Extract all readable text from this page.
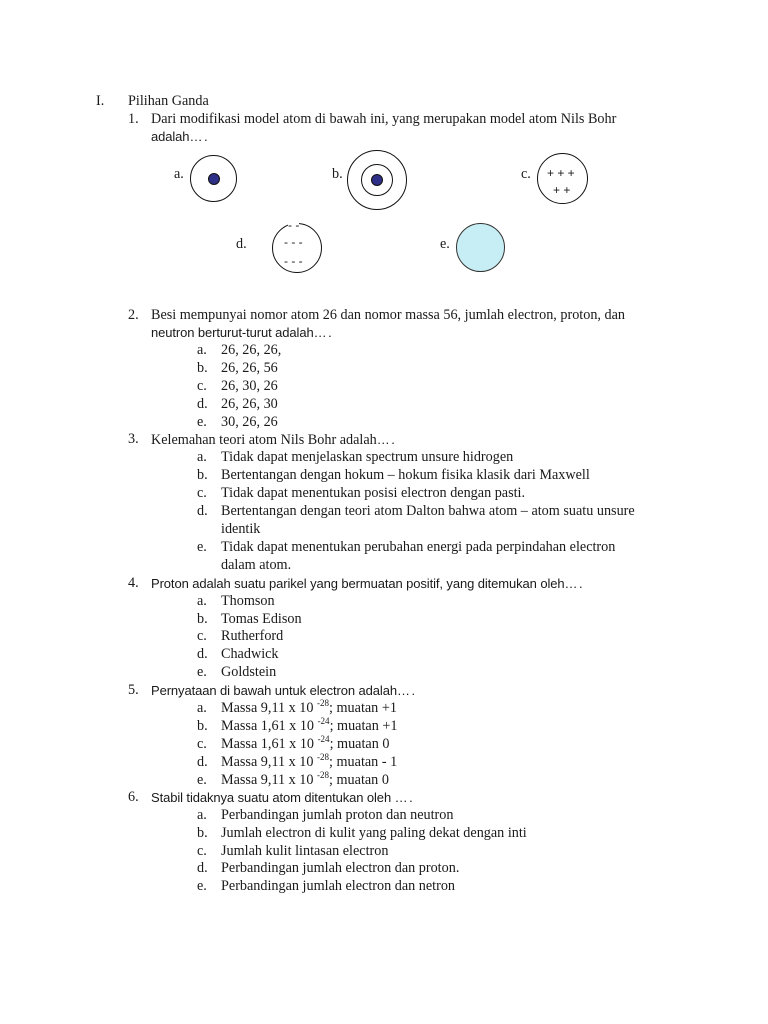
I. Pilihan Ganda
1. Dari modifikasi model atom di bawah ini, yang merupakan model atom Nils Bohr
adalah….
a.	b.	c. + + +
+ +
d.
- -
- - -
- - -
e.
2. Besi mempunyai nomor atom 26 dan nomor massa 56, jumlah electron, proton, dan
neutron berturut-turut adalah….
a. 26, 26, 26,
b. 26, 26, 56
c. 26, 30, 26
d. 26, 26, 30
e. 30, 26, 26
3. Kelemahan teori atom Nils Bohr adalah….
a. Tidak dapat menjelaskan spectrum unsure hidrogen
b. Bertentangan dengan hokum – hokum fisika klasik dari Maxwell
c. Tidak dapat menentukan posisi electron dengan pasti.
d. Bertentangan dengan teori atom Dalton bahwa atom – atom suatu unsure
identik
e. Tidak dapat menentukan perubahan energi pada perpindahan electron
dalam atom.
4. Proton adalah suatu parikel yang bermuatan positif, yang ditemukan oleh….
a. Thomson
b. Tomas Edison
c. Rutherford
d. Chadwick
e. Goldstein
5. Pernyataan di bawah untuk electron adalah….
a. Massa 9,11 x 10 $^{-28}$; muatan +1
b. Massa 1,61 x 10 $^{-24}$; muatan +1
c. Massa 1,61 x 10 $^{-24}$; muatan 0
d. Massa 9,11 x 10 $^{-28}$; muatan - 1
e. Massa 9,11 x 10 $^{-28}$; muatan 0
6. Stabil tidaknya suatu atom ditentukan oleh ….
a. Perbandingan jumlah proton dan neutron
b. Jumlah electron di kulit yang paling dekat dengan inti
c. Jumlah kulit lintasan electron
d. Perbandingan jumlah electron dan proton.
e. Perbandingan jumlah electron dan netron
